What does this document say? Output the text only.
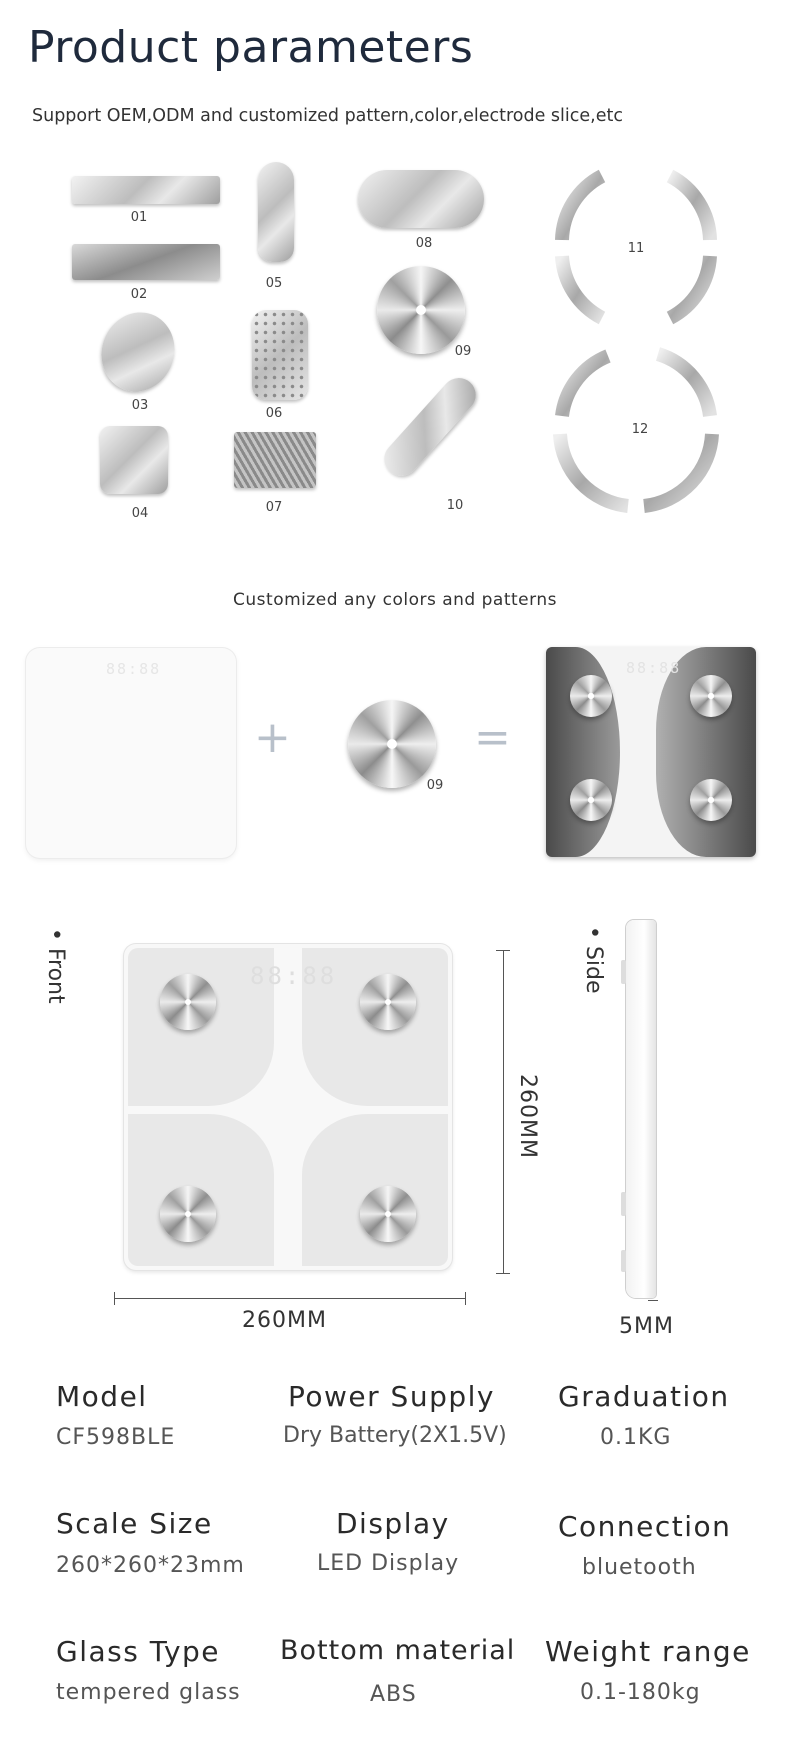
Product parameters
Support OEM,ODM and customized pattern,color,electrode slice,etc
01
02
03
04
05
06
07
08
09
10
11
12
Customized any colors and patterns
88:88
+
09
=
88:88
• Front	88:88
260MM
260MM
• Side
5MM
Model
CF598BLE
Power Supply
Dry Battery(2X1.5V)
Graduation
0.1KG
Scale Size
260*260*23mm
Display
LED Display
Connection
bluetooth
Glass Type
tempered glass
Bottom material
ABS
Weight range
0.1-180kg
